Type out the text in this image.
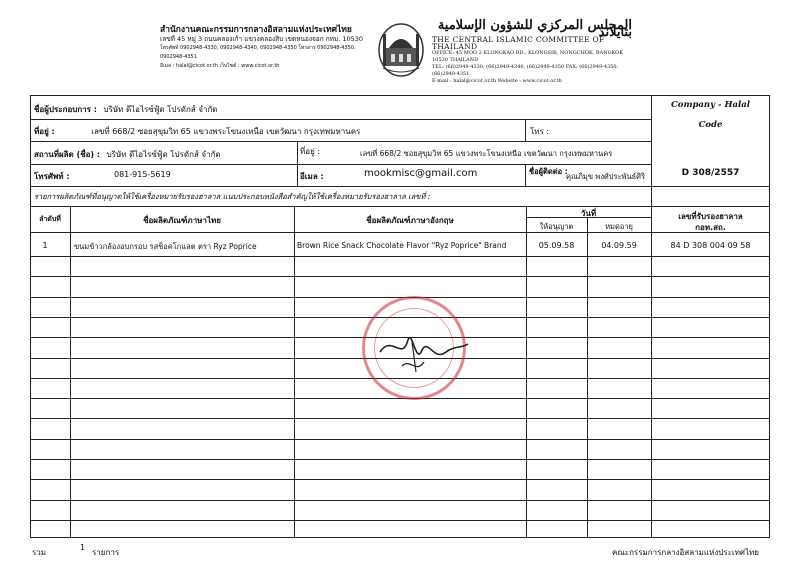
สำนักงานคณะกรรมการกลางอิสลามแห่งประเทศไทย
เลขที่ 45 หมู่ 3 ถนนคลองเก้า แขวงคลองสิบ เขตหนองจอก กทม. 10530
โทรศัพท์ 0902948-4330, 0902948-4340, 0902948-4350 โทรสาร 0902948-4350, 0902948-4351
อีเมล : halal@cicot.or.th เว็บไซต์ : www.cicot.or.th
المجلس المركزي للشؤون الإسلامية بتايلاند
THE CENTRAL ISLAMIC COMMITTEE OF THAILAND
OFFICE: 45 MOO 3 KLONGKAO RD., KLONGSIB, NONGCHOK, BANGKOK 10530 THAILAND
TEL: (66)2949-4330, (66)2949-4340, (66)2949-4350 FAX: (66)2949-4350, (66)2949-4351
E-mail : halal@cicot.or.th Website : www.cicot.or.th
ชื่อผู้ประกอบการ : บริษัท ดีไอไรซ์ฟู้ด โปรดักส์ จำกัด
ที่อยู่ :	เลขที่ 668/2 ซอยสุขุมวิท 65 แขวงพระโขนงเหนือ เขตวัฒนา กรุงเทพมหานคร	โทร :
สถานที่ผลิต (ชื่อ) : บริษัท ดีไอไรซ์ฟู้ด โปรดักส์ จำกัด	ที่อยู่ :	เลขที่ 668/2 ซอยสุขุมวิท 65 แขวงพระโขนงเหนือ เขตวัฒนา กรุงเทพมหานคร
โทรศัพท์ :	081-915-5619	อีเมล :	mookmisc@gmail.com	ชื่อผู้ติดต่อ :
คุณภิมุข พงศ์ประพันธ์ศิริ
Company - Halal
Code
D 308/2557
รายการผลิตภัณฑ์ที่อนุญาตให้ใช้เครื่องหมายรับรองฮาลาล แนบประกอบหนังสือสำคัญให้ใช้เครื่องหมายรับรองฮาลาล เลขที่ :
ลำดับที่	ชื่อผลิตภัณฑ์ภาษาไทย	ชื่อผลิตภัณฑ์ภาษาอังกฤษ
วันที่
ให้อนุญาต	หมดอายุ
เลขที่รับรองฮาลาล
กอท.สถ.
1	ขนมข้าวกล้องอบกรอบ รสช็อคโกแลต ตรา Ryz Poprice	Brown Rice Snack Chocolate Flavor "Ryz Poprice" Brand	05.09.58	04.09.59	84 D 308 004 09 58
รวม
1
รายการ	คณะกรรมการกลางอิสลามแห่งประเทศไทย
